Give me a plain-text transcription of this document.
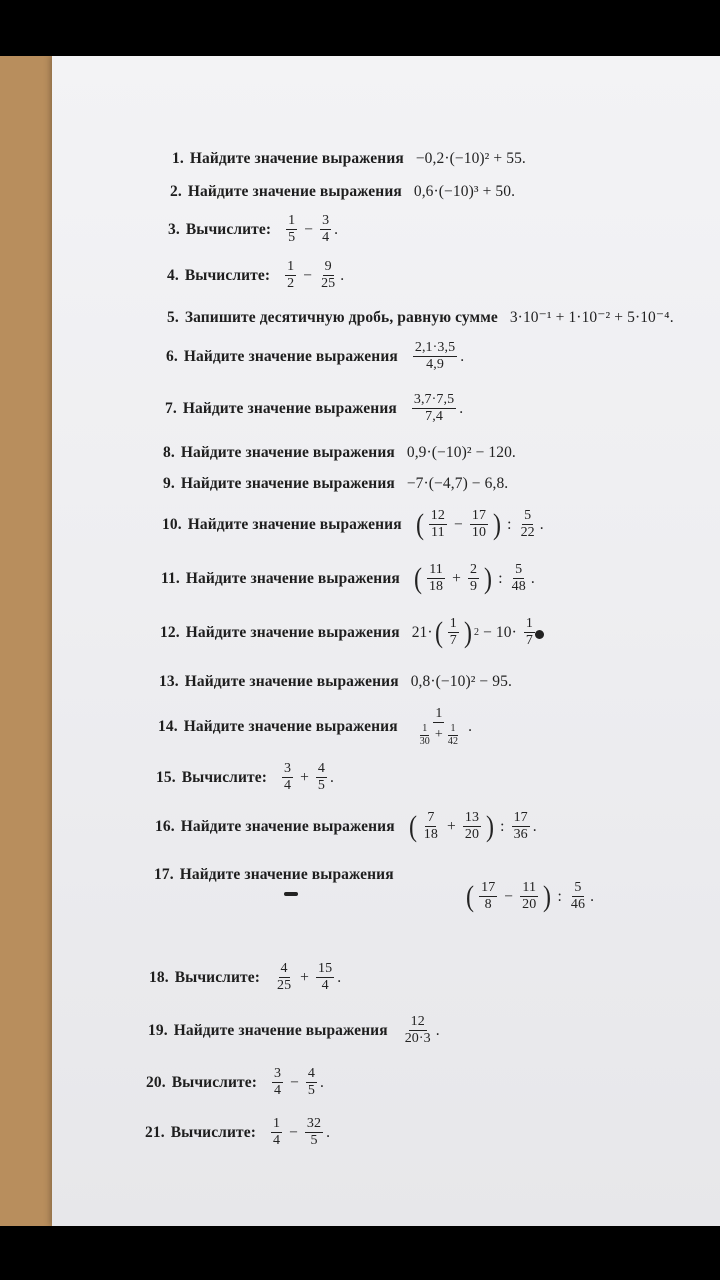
1. Найдите значение выражения −0,2·(−10)² + 55.
2. Найдите значение выражения 0,6·(−10)³ + 50.
3. Вычислите: $\frac{1}{5} - \frac{3}{4}$ .
4. Вычислите: $\frac{1}{2} - \frac{9}{25}$ .
5. Запишите десятичную дробь, равную сумме 3·10⁻¹ + 1·10⁻² + 5·10⁻⁴.
6. Найдите значение выражения $\frac{2,1\cdot 3,5}{4,9}$ .
7. Найдите значение выражения $\frac{3,7\cdot 7,5}{7,4}$ .
8. Найдите значение выражения 0,9·(−10)² − 120.
9. Найдите значение выражения −7·(−4,7) − 6,8.
10. Найдите значение выражения ( $\frac{12}{11} - \frac{17}{10}$ ) : $\frac{5}{22}$ .
11. Найдите значение выражения ( $\frac{11}{18} + \frac{2}{9}$ ) : $\frac{5}{48}$ .
12. Найдите значение выражения 21· ( $\frac{1}{7}$ ) $2 - 10\cdot \frac{1}{7}$
13. Найдите значение выражения 0,8·(−10)² − 95.
14. Найдите значение выражения $\frac{1}{\frac{1}{30} + \frac{1}{42}}$ .
15. Вычислите: $\frac{3}{4} + \frac{4}{5}$ .
16. Найдите значение выражения ( $\frac{7}{18} + \frac{13}{20}$ ) : $\frac{17}{36}$ .
17. Найдите значение выражения
( $\frac{17}{8} - \frac{11}{20}$ ) : $\frac{5}{46}$ .
18. Вычислите: $\frac{4}{25} + \frac{15}{4}$ .
19. Найдите значение выражения $\frac{12}{20\cdot 3}$ .
20. Вычислите: $\frac{3}{4} - \frac{4}{5}$ .
21. Вычислите: $\frac{1}{4} - \frac{32}{5}$ .
